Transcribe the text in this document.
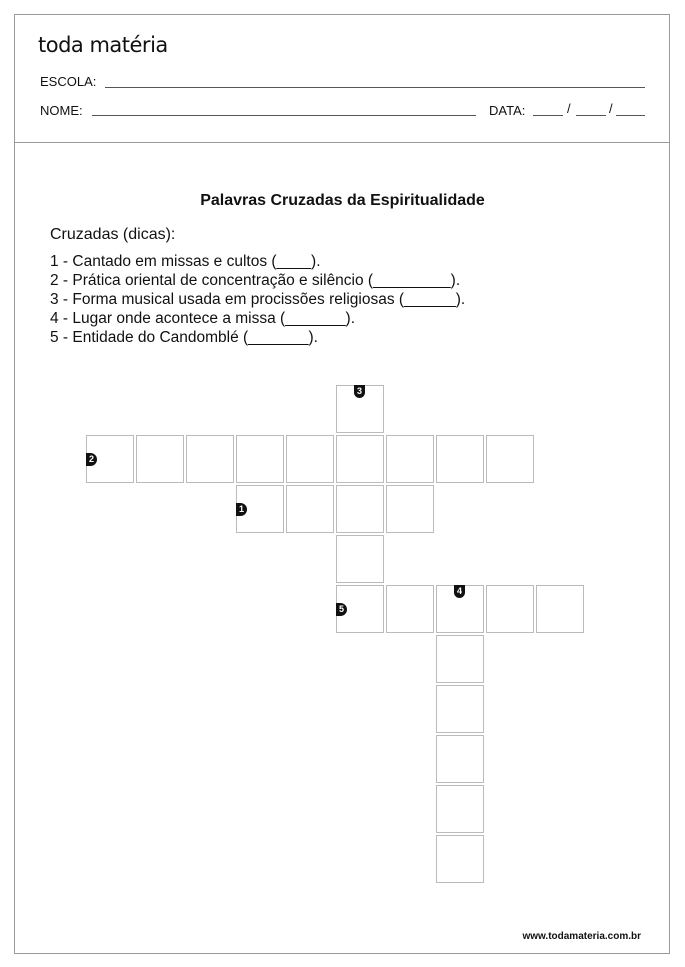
toda matéria
ESCOLA:
NOME:	DATA:	/	/
Palavras Cruzadas da Espiritualidade
Cruzadas (dicas):
1 - Cantado em missas e cultos (____).
2 - Prática oriental de concentração e silêncio (_________).
3 - Forma musical usada em procissões religiosas (______).
4 - Lugar onde acontece a missa (_______).
5 - Entidade do Candomblé (_______).
3
2
1
5
4
www.todamateria.com.br
